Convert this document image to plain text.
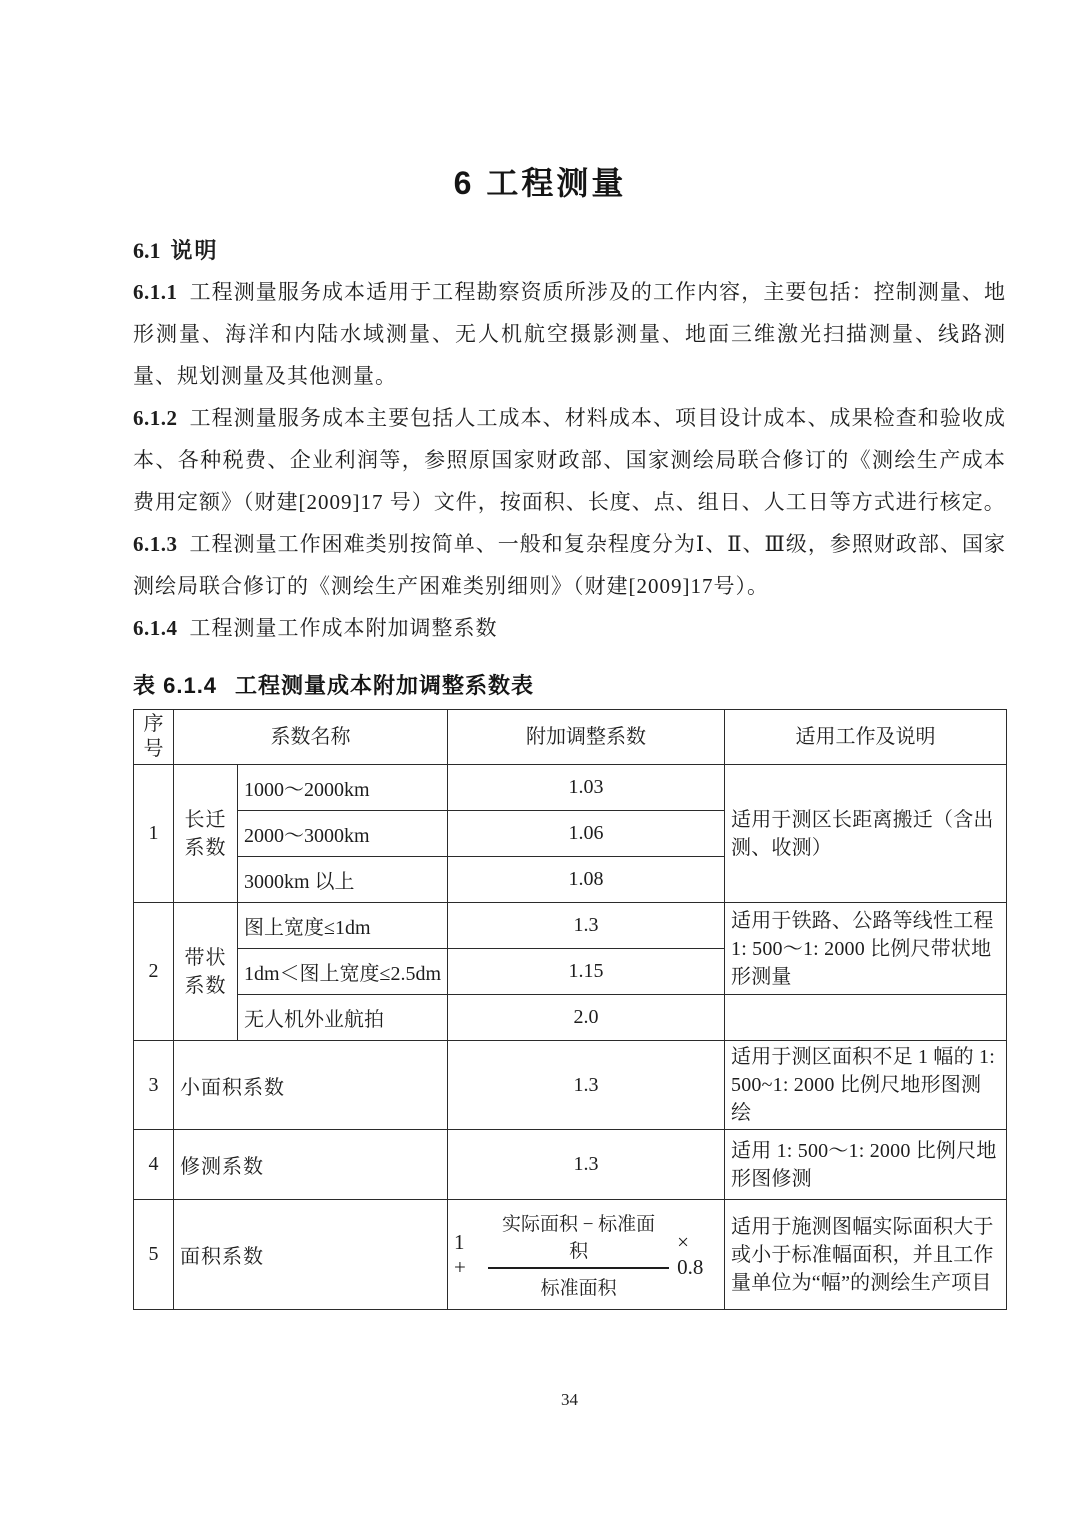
6 工程测量
6.1 说明

6.1.1 工程测量服务成本适用于工程勘察资质所涉及的工作内容，主要包括：控制测量、地形测量、海洋和内陆水域测量、无人机航空摄影测量、地面三维激光扫描测量、线路测量、规划测量及其他测量。

6.1.2 工程测量服务成本主要包括人工成本、材料成本、项目设计成本、成果检查和验收成本、各种税费、企业利润等，参照原国家财政部、国家测绘局联合修订的《测绘生产成本费用定额》（财建[2009]17 号）文件，按面积、长度、点、组日、人工日等方式进行核定。

6.1.3 工程测量工作困难类别按简单、一般和复杂程度分为Ⅰ、Ⅱ、Ⅲ级，参照财政部、国家测绘局联合修订的《测绘生产困难类别细则》（财建[2009]17号）。

6.1.4 工程测量工作成本附加调整系数

表 6.1.4 工程测量成本附加调整系数表
序号	系数名称		附加调整系数	适用工作及说明
1	长迁系数	1000～2000km	1.03	适用于测区长距离搬迁（含出测、收测）
		2000～3000km	1.06	
		3000km 以上	1.08	
2	带状系数	图上宽度≤1dm	1.3	适用于铁路、公路等线性工程 1: 500～1: 2000 比例尺带状地形测量
		1dm＜图上宽度≤2.5dm	1.15	
		无人机外业航拍	2.0	
3	小面积系数		1.3	适用于测区面积不足 1 幅的 1: 500~1: 2000 比例尺地形图测绘
4	修测系数		1.3	适用 1: 500～1: 2000 比例尺地形图修测
5	面积系数		$1 + \frac{\text{实际面积 − 标准面积}}{\text{标准面积}} \times 0.8$	适用于施测图幅实际面积大于或小于标准幅面积，并且工作量单位为“幅”的测绘生产项目
34
